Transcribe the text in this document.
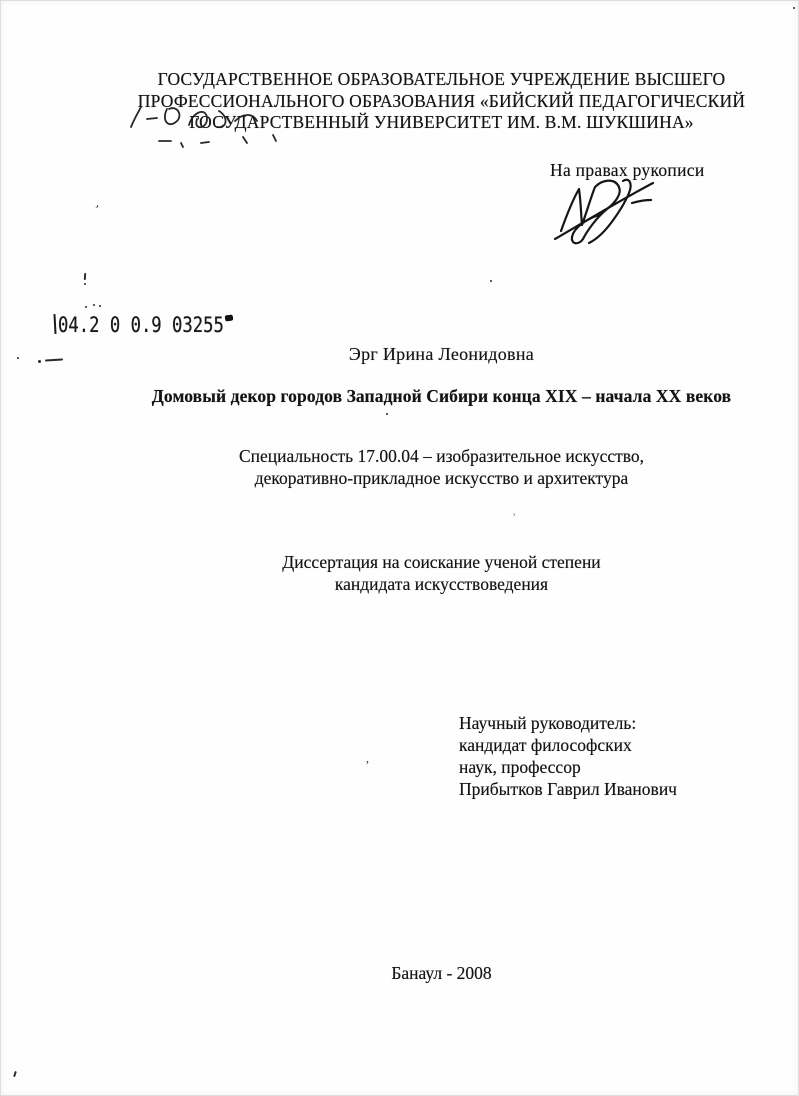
ГОСУДАРСТВЕННОЕ ОБРАЗОВАТЕЛЬНОЕ УЧРЕЖДЕНИЕ ВЫСШЕГО
ПРОФЕССИОНАЛЬНОГО ОБРАЗОВАНИЯ «БИЙСКИЙ ПЕДАГОГИЧЕСКИЙ
ГОСУДАРСТВЕННЫЙ УНИВЕРСИТЕТ ИМ. В.М. ШУКШИНА»
На правах рукописи
04.2 0 0.9 03255
Эрг Ирина Леонидовна
Домовый декор городов Западной Сибири конца XIX – начала XX веков
Специальность 17.00.04 – изобразительное искусство,
декоративно-прикладное искусство и архитектура
Диссертация на соискание ученой степени
кандидата искусствоведения
Научный руководитель:
кандидат философских
наук, профессор
Прибытков Гаврил Иванович
Банаул - 2008
ʼ
ʾ
,
